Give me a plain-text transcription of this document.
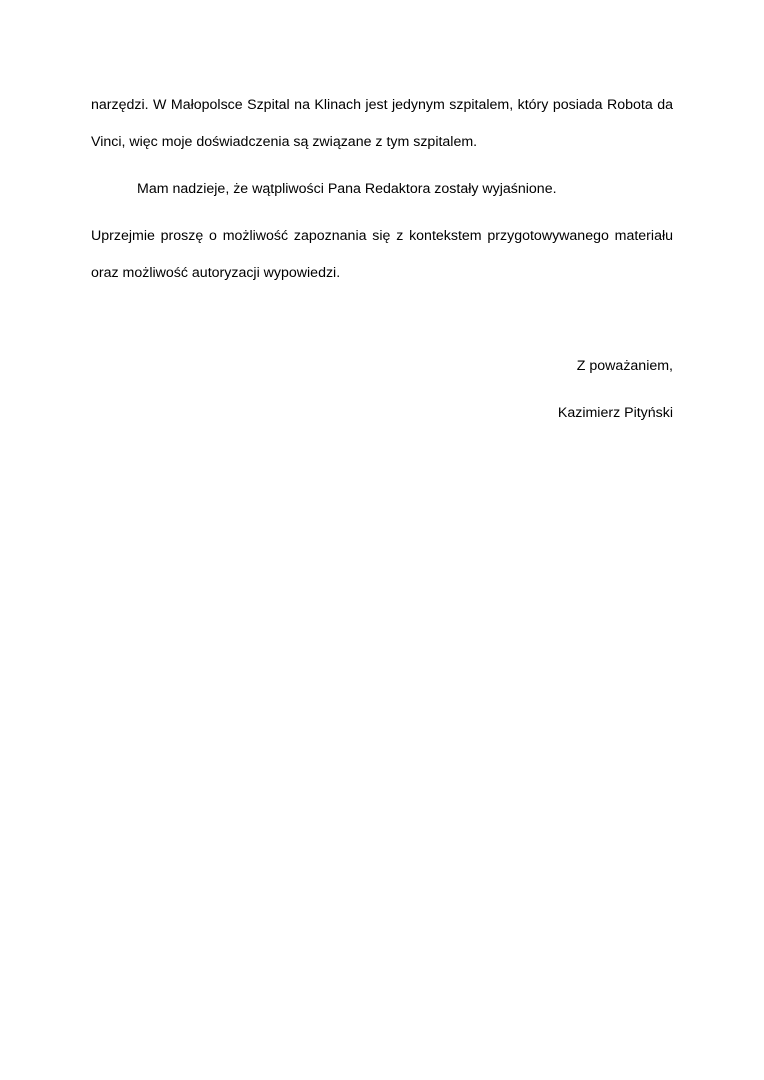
narzędzi. W Małopolsce Szpital na Klinach jest jedynym szpitalem, który posiada Robota da
Vinci, więc moje doświadczenia są związane z tym szpitalem.
Mam nadzieje, że wątpliwości Pana Redaktora zostały wyjaśnione.
Uprzejmie proszę o możliwość zapoznania się z kontekstem przygotowywanego materiału
oraz możliwość autoryzacji wypowiedzi.
Z poważaniem,
Kazimierz Pityński
